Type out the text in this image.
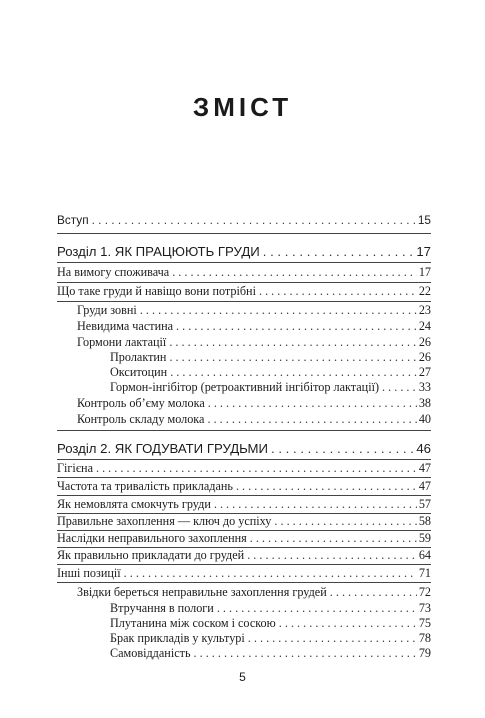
ЗМІСТ
Вступ . . .	15
Розділ 1. ЯК ПРАЦЮЮТЬ ГРУДИ . . .	17
На вимогу споживача . . .	17
Що таке груди й навіщо вони потрібні . . .	22
Груди зовні . . .	23
Невидима частина . . .	24
Гормони лактації . . .	26
Пролактин . . .	26
Окситоцин . . .	27
Гормон-інгібітор (ретроактивний інгібітор лактації) . . .	33
Контроль об’єму молока . . .	38
Контроль складу молока . . .	40
Розділ 2. ЯК ГОДУВАТИ ГРУДЬМИ . . .	46
Гігієна . . .	47
Частота та тривалість прикладань . . .	47
Як немовлята смокчуть груди . . .	57
Правильне захоплення — ключ до успіху . . .	58
Наслідки неправильного захоплення . . .	59
Як правильно прикладати до грудей . . .	64
Інші позиції . . .	71
Звідки береться неправильне захоплення грудей . . .	72
Втручання в пологи . . .	73
Плутанина між соском і соскою . . .	75
Брак прикладів у культурі . . .	78
Самовідданість . . .	79
5
